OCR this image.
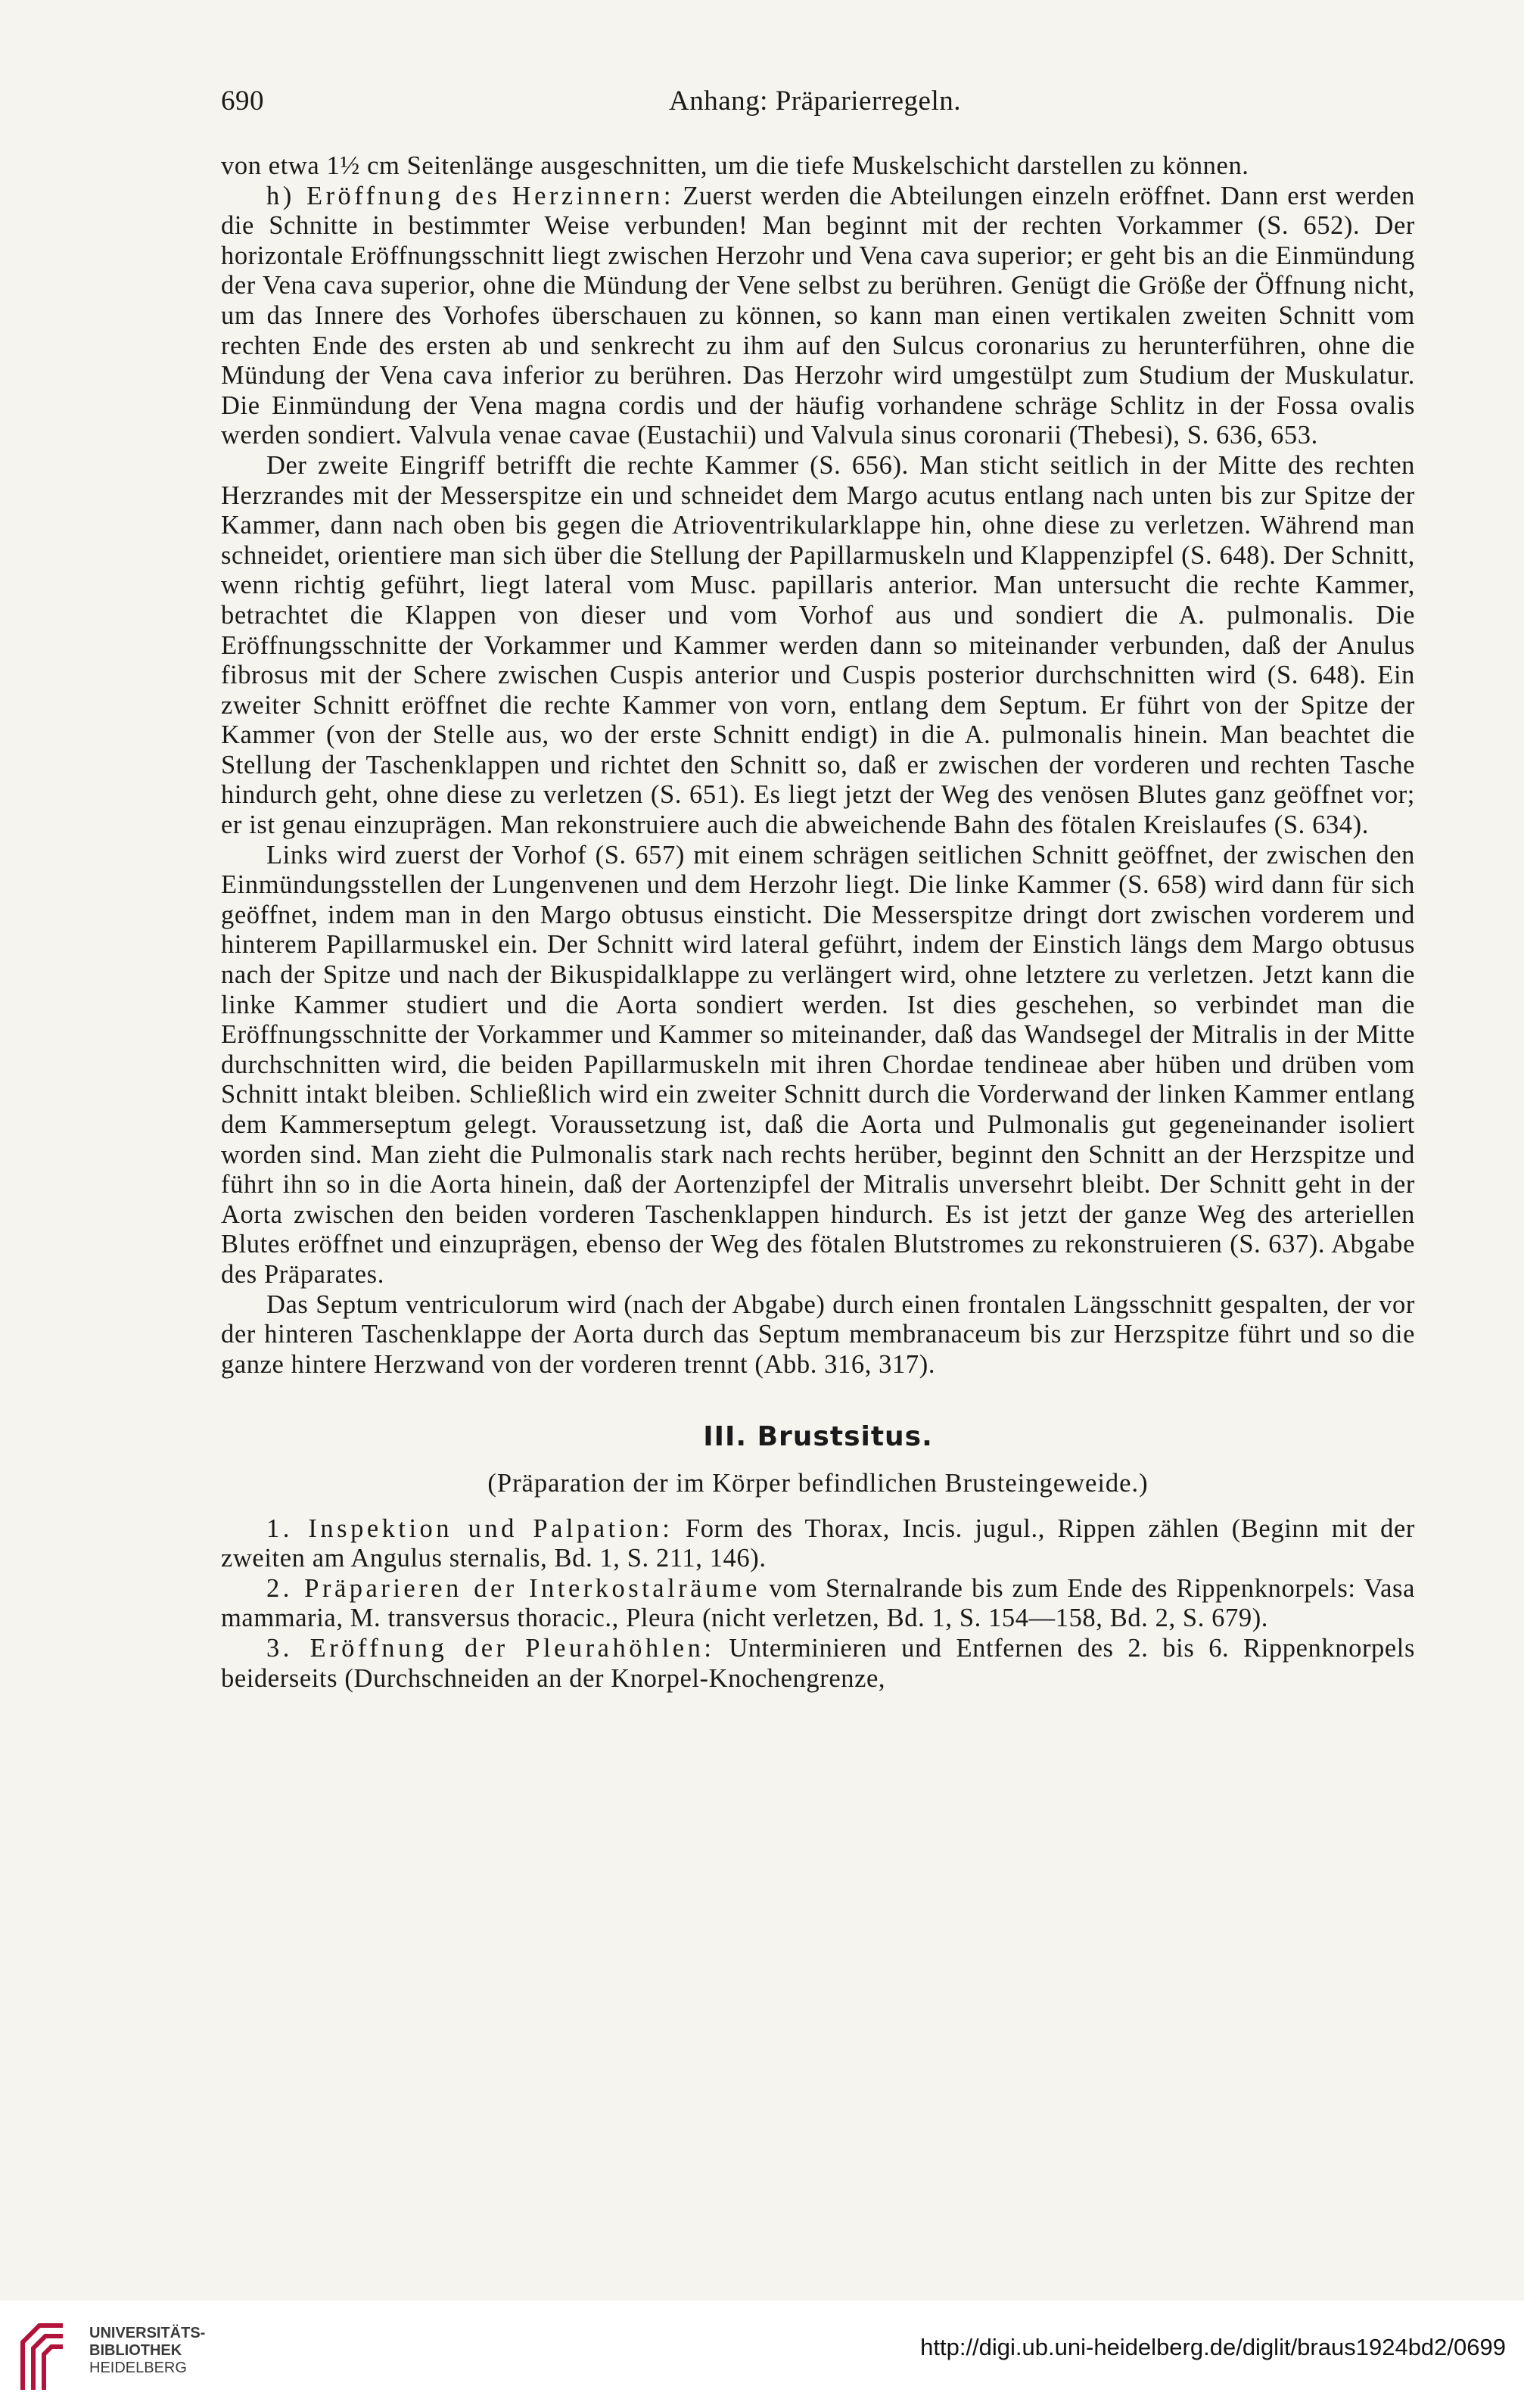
690	Anhang: Präparierregeln.

von etwa 1½ cm Seitenlänge ausgeschnitten, um die tiefe Muskelschicht darstellen zu können.

h) Eröffnung des Herzinnern: Zuerst werden die Abteilungen einzeln eröffnet. Dann erst werden die Schnitte in bestimmter Weise verbunden! Man beginnt mit der rechten Vorkammer (S. 652). Der horizontale Eröffnungsschnitt liegt zwischen Herzohr und Vena cava superior; er geht bis an die Einmündung der Vena cava superior, ohne die Mündung der Vene selbst zu berühren. Genügt die Größe der Öffnung nicht, um das Innere des Vorhofes überschauen zu können, so kann man einen vertikalen zweiten Schnitt vom rechten Ende des ersten ab und senkrecht zu ihm auf den Sulcus coronarius zu herunterführen, ohne die Mündung der Vena cava inferior zu berühren. Das Herzohr wird umgestülpt zum Studium der Muskulatur. Die Einmündung der Vena magna cordis und der häufig vorhandene schräge Schlitz in der Fossa ovalis werden sondiert. Valvula venae cavae (Eustachii) und Valvula sinus coronarii (Thebesi), S. 636, 653.

Der zweite Eingriff betrifft die rechte Kammer (S. 656). Man sticht seitlich in der Mitte des rechten Herzrandes mit der Messerspitze ein und schneidet dem Margo acutus entlang nach unten bis zur Spitze der Kammer, dann nach oben bis gegen die Atrioventrikularklappe hin, ohne diese zu verletzen. Während man schneidet, orientiere man sich über die Stellung der Papillarmuskeln und Klappenzipfel (S. 648). Der Schnitt, wenn richtig geführt, liegt lateral vom Musc. papillaris anterior. Man untersucht die rechte Kammer, betrachtet die Klappen von dieser und vom Vorhof aus und sondiert die A. pulmonalis. Die Eröffnungsschnitte der Vorkammer und Kammer werden dann so miteinander verbunden, daß der Anulus fibrosus mit der Schere zwischen Cuspis anterior und Cuspis posterior durchschnitten wird (S. 648). Ein zweiter Schnitt eröffnet die rechte Kammer von vorn, entlang dem Septum. Er führt von der Spitze der Kammer (von der Stelle aus, wo der erste Schnitt endigt) in die A. pulmonalis hinein. Man beachtet die Stellung der Taschenklappen und richtet den Schnitt so, daß er zwischen der vorderen und rechten Tasche hindurch geht, ohne diese zu verletzen (S. 651). Es liegt jetzt der Weg des venösen Blutes ganz geöffnet vor; er ist genau einzuprägen. Man rekonstruiere auch die abweichende Bahn des fötalen Kreislaufes (S. 634).

Links wird zuerst der Vorhof (S. 657) mit einem schrägen seitlichen Schnitt geöffnet, der zwischen den Einmündungsstellen der Lungenvenen und dem Herzohr liegt. Die linke Kammer (S. 658) wird dann für sich geöffnet, indem man in den Margo obtusus einsticht. Die Messerspitze dringt dort zwischen vorderem und hinterem Papillarmuskel ein. Der Schnitt wird lateral geführt, indem der Einstich längs dem Margo obtusus nach der Spitze und nach der Bikuspidalklappe zu verlängert wird, ohne letztere zu verletzen. Jetzt kann die linke Kammer studiert und die Aorta sondiert werden. Ist dies geschehen, so verbindet man die Eröffnungsschnitte der Vorkammer und Kammer so miteinander, daß das Wandsegel der Mitralis in der Mitte durchschnitten wird, die beiden Papillarmuskeln mit ihren Chordae tendineae aber hüben und drüben vom Schnitt intakt bleiben. Schließlich wird ein zweiter Schnitt durch die Vorderwand der linken Kammer entlang dem Kammerseptum gelegt. Voraussetzung ist, daß die Aorta und Pulmonalis gut gegeneinander isoliert worden sind. Man zieht die Pulmonalis stark nach rechts herüber, beginnt den Schnitt an der Herzspitze und führt ihn so in die Aorta hinein, daß der Aortenzipfel der Mitralis unversehrt bleibt. Der Schnitt geht in der Aorta zwischen den beiden vorderen Taschenklappen hindurch. Es ist jetzt der ganze Weg des arteriellen Blutes eröffnet und einzuprägen, ebenso der Weg des fötalen Blutstromes zu rekonstruieren (S. 637). Abgabe des Präparates.

Das Septum ventriculorum wird (nach der Abgabe) durch einen frontalen Längsschnitt gespalten, der vor der hinteren Taschenklappe der Aorta durch das Septum membranaceum bis zur Herzspitze führt und so die ganze hintere Herzwand von der vorderen trennt (Abb. 316, 317).

III. Brustsitus.
(Präparation der im Körper befindlichen Brusteingeweide.)

1. Inspektion und Palpation: Form des Thorax, Incis. jugul., Rippen zählen (Beginn mit der zweiten am Angulus sternalis, Bd. 1, S. 211, 146).

2. Präparieren der Interkostalräume vom Sternalrande bis zum Ende des Rippenknorpels: Vasa mammaria, M. transversus thoracic., Pleura (nicht verletzen, Bd. 1, S. 154—158, Bd. 2, S. 679).

3. Eröffnung der Pleurahöhlen: Unterminieren und Entfernen des 2. bis 6. Rippenknorpels beiderseits (Durchschneiden an der Knorpel-Knochengrenze,

UNIVERSITÄTS-
BIBLIOTHEK
HEIDELBERG
http://digi.ub.uni-heidelberg.de/diglit/braus1924bd2/0699
